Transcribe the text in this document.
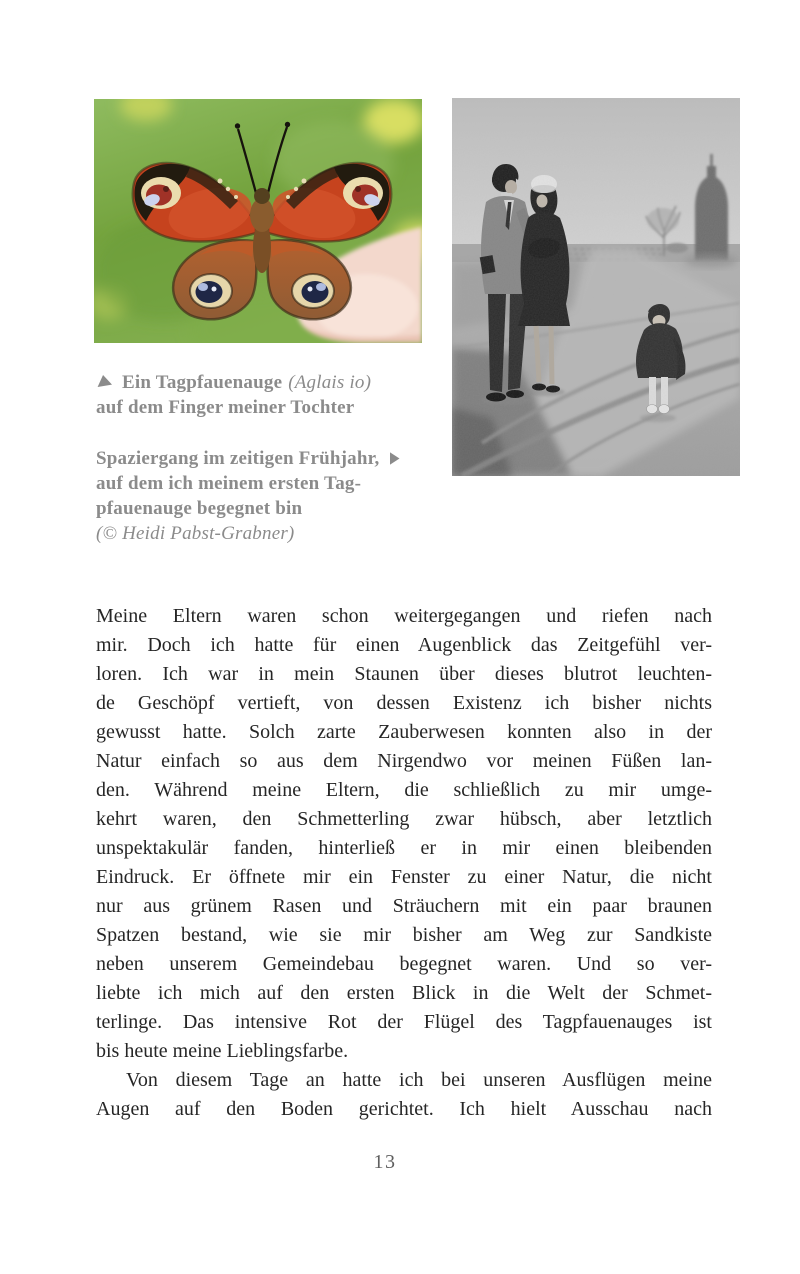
Ein Tagpfauenauge (Aglais io)
auf dem Finger meiner Tochter
Spaziergang im zeitigen Frühjahr,
auf dem ich meinem ersten Tag-
pfauenauge begegnet bin
(© Heidi Pabst-Grabner)
Meine Eltern waren schon weitergegangen und riefen nach
mir. Doch ich hatte für einen Augenblick das Zeitgefühl ver-
loren. Ich war in mein Staunen über dieses blutrot leuchten-
de Geschöpf vertieft, von dessen Existenz ich bisher nichts
gewusst hatte. Solch zarte Zauberwesen konnten also in der
Natur einfach so aus dem Nirgendwo vor meinen Füßen lan-
den. Während meine Eltern, die schließlich zu mir umge-
kehrt waren, den Schmetterling zwar hübsch, aber letztlich
unspektakulär fanden, hinterließ er in mir einen bleibenden
Eindruck. Er öffnete mir ein Fenster zu einer Natur, die nicht
nur aus grünem Rasen und Sträuchern mit ein paar braunen
Spatzen bestand, wie sie mir bisher am Weg zur Sandkiste
neben unserem Gemeindebau begegnet waren. Und so ver-
liebte ich mich auf den ersten Blick in die Welt der Schmet-
terlinge. Das intensive Rot der Flügel des Tagpfauenauges ist
bis heute meine Lieblingsfarbe.
Von diesem Tage an hatte ich bei unseren Ausflügen meine
Augen auf den Boden gerichtet. Ich hielt Ausschau nach
13
